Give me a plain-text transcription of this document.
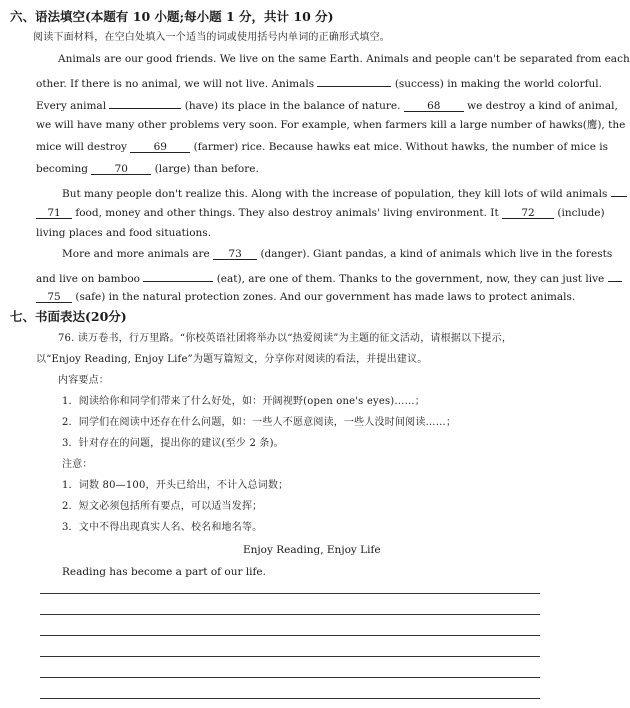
六、语法填空(本题有 10 小题;每小题 1 分，共计 10 分)
阅读下面材料，在空白处填入一个适当的词或使用括号内单词的正确形式填空。
Animals are our good friends. We live on the same Earth. Animals and people can't be separated from each
other. If there is no animal, we will not live. Animals	(success) in making the world colorful.
Every animal	(have) its place in the balance of nature.	68	we destroy a kind of animal,
we will have many other problems very soon. For example, when farmers kill a large number of hawks(鹰), the
mice will destroy	69	(farmer) rice. Because hawks eat mice. Without hawks, the number of mice is
becoming	70	(large) than before.
But many people don't realize this. Along with the increase of population, they kill lots of wild animals
71 food, money and other things. They also destroy animals' living environment. It 72 (include)
living places and food situations.
More and more animals are 73 (danger). Giant pandas, a kind of animals which live in the forests
and live on bamboo	(eat), are one of them. Thanks to the government, now, they can just live
75 (safe) in the natural protection zones. And our government has made laws to protect animals.
七、书面表达(20分)
76. 读万卷书，行万里路。“你校英语社团将举办以“热爱阅读”为主题的征文活动，请根据以下提示，
以“Enjoy Reading, Enjoy Life”为题写篇短文，分享你对阅读的看法，并提出建议。
内容要点：
1．阅读给你和同学们带来了什么好处，如：开阔视野(open one's eyes)……；
2．同学们在阅读中还存在什么问题，如：一些人不愿意阅读，一些人没时间阅读……；
3．针对存在的问题，提出你的建议(至少 2 条)。
注意：
1．词数 80—100，开头已给出，不计入总词数；
2．短文必须包括所有要点，可以适当发挥；
3．文中不得出现真实人名、校名和地名等。
Enjoy Reading, Enjoy Life
Reading has become a part of our life.
